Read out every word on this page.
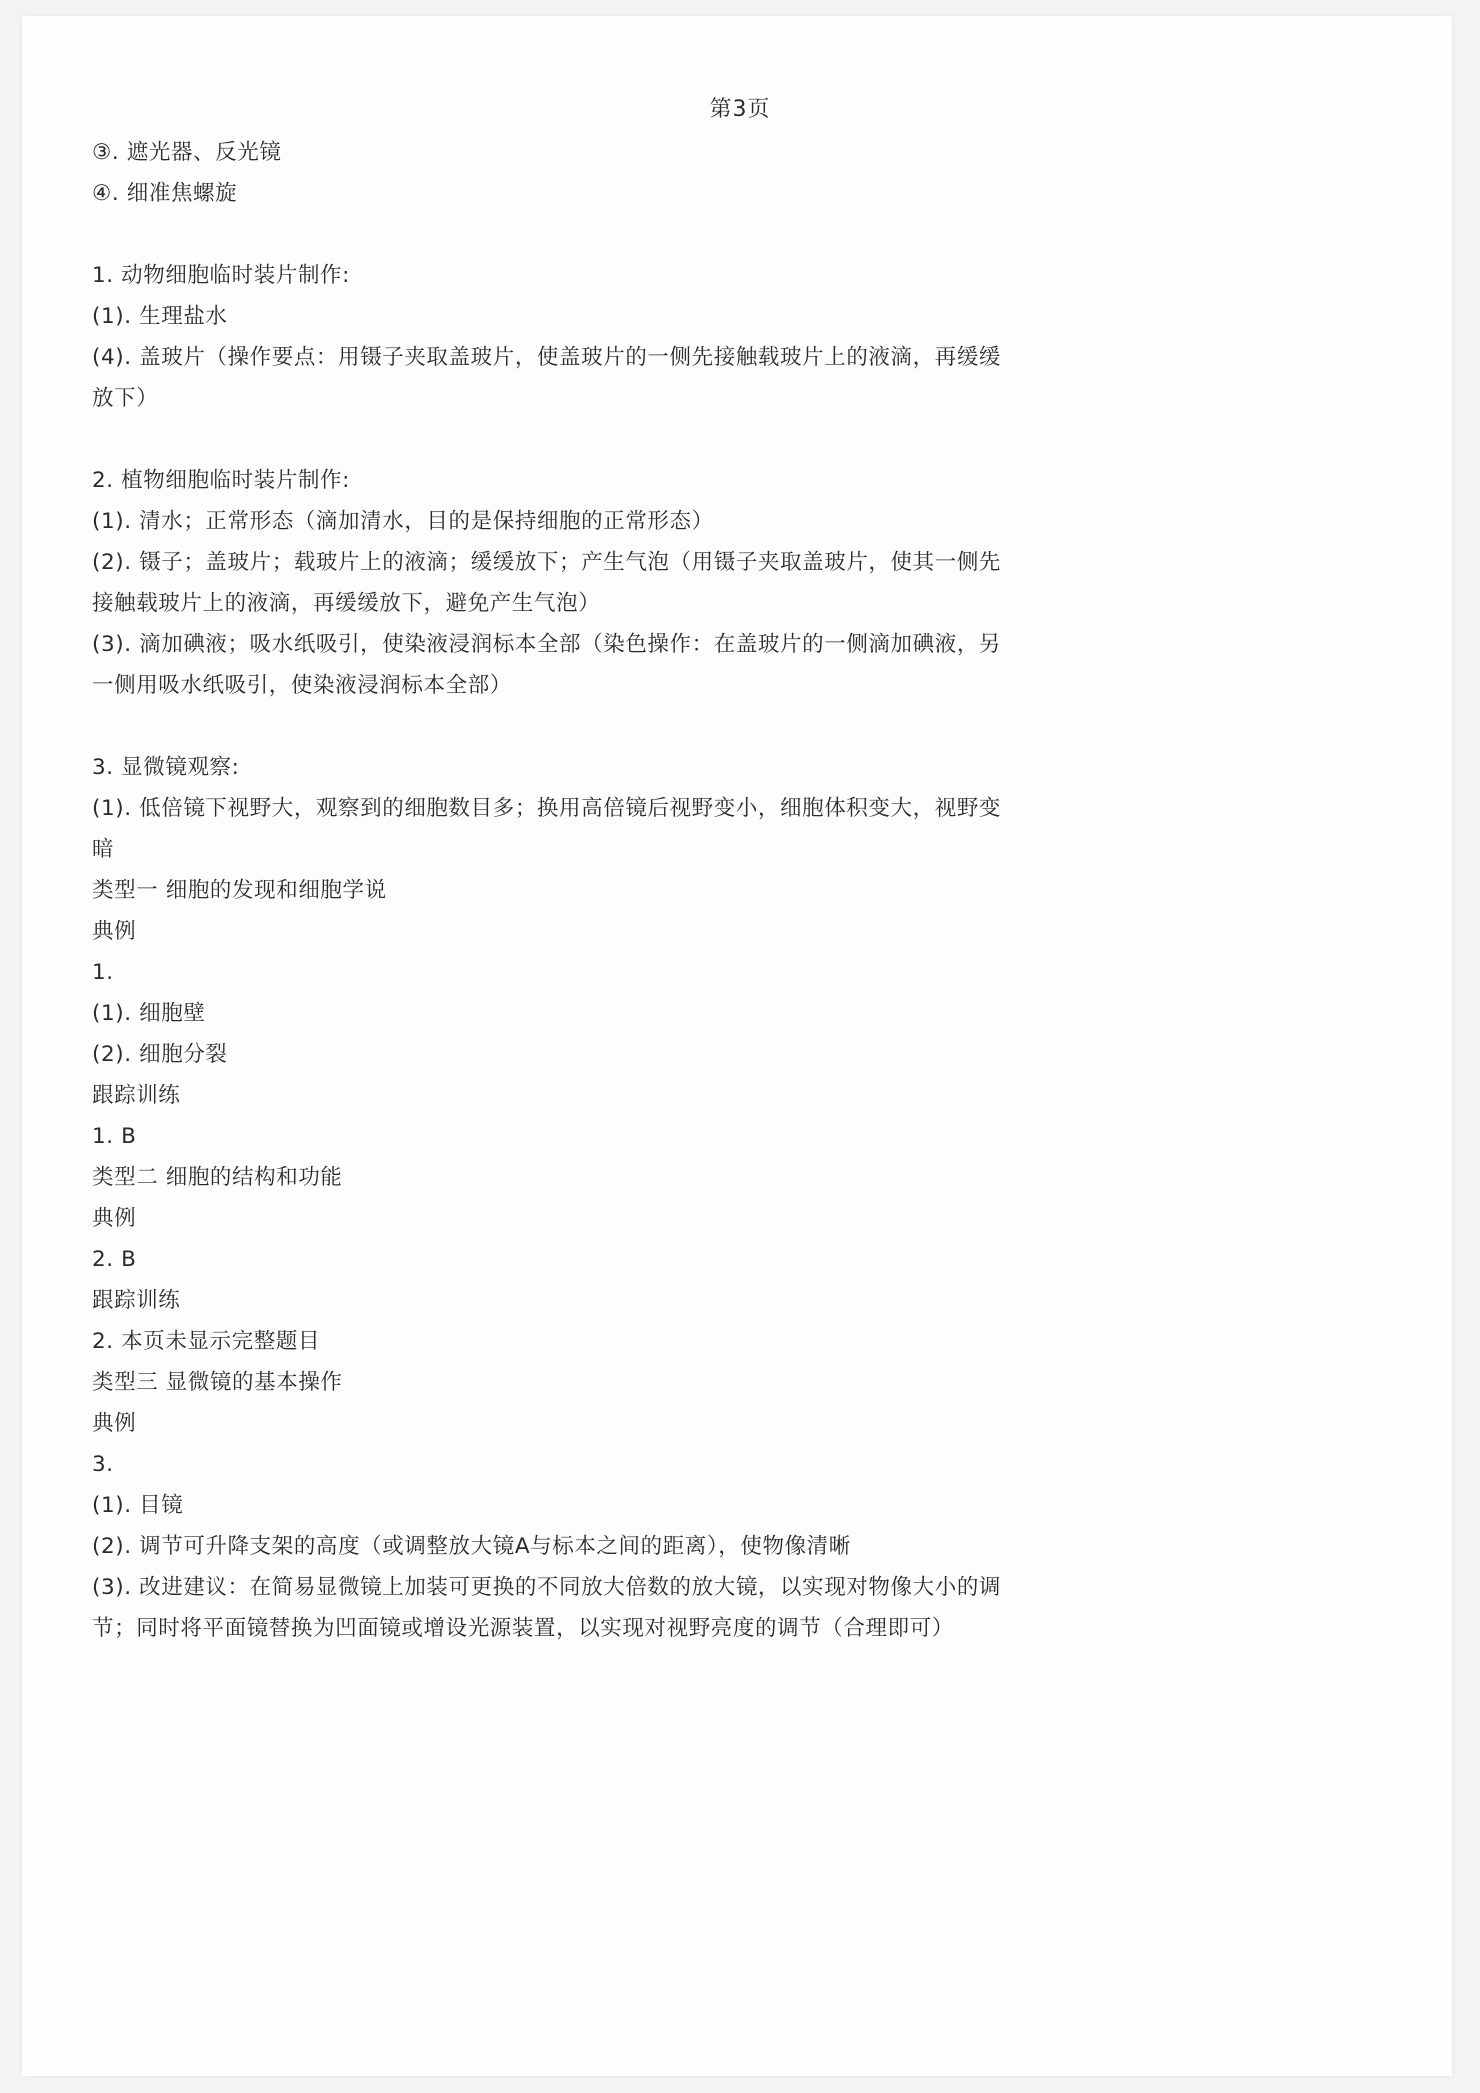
第3页
③. 遮光器、反光镜
④. 细准焦螺旋
1. 动物细胞临时装片制作:
(1). 生理盐水
(4). 盖玻片（操作要点：用镊子夹取盖玻片，使盖玻片的一侧先接触载玻片上的液滴，再缓缓放下）
2. 植物细胞临时装片制作:
(1). 清水；正常形态（滴加清水，目的是保持细胞的正常形态）
(2). 镊子；盖玻片；载玻片上的液滴；缓缓放下；产生气泡（用镊子夹取盖玻片，使其一侧先接触载玻片上的液滴，再缓缓放下，避免产生气泡）
(3). 滴加碘液；吸水纸吸引，使染液浸润标本全部（染色操作：在盖玻片的一侧滴加碘液，另一侧用吸水纸吸引，使染液浸润标本全部）
3. 显微镜观察:
(1). 低倍镜下视野大，观察到的细胞数目多；换用高倍镜后视野变小，细胞体积变大，视野变暗
类型一 细胞的发现和细胞学说
典例
1.
(1). 细胞壁
(2). 细胞分裂
跟踪训练
1. B
类型二 细胞的结构和功能
典例
2. B
跟踪训练
2. 本页未显示完整题目
类型三 显微镜的基本操作
典例
3.
(1). 目镜
(2). 调节可升降支架的高度（或调整放大镜A与标本之间的距离），使物像清晰
(3). 改进建议：在简易显微镜上加装可更换的不同放大倍数的放大镜，以实现对物像大小的调节；同时将平面镜替换为凹面镜或增设光源装置，以实现对视野亮度的调节（合理即可）
